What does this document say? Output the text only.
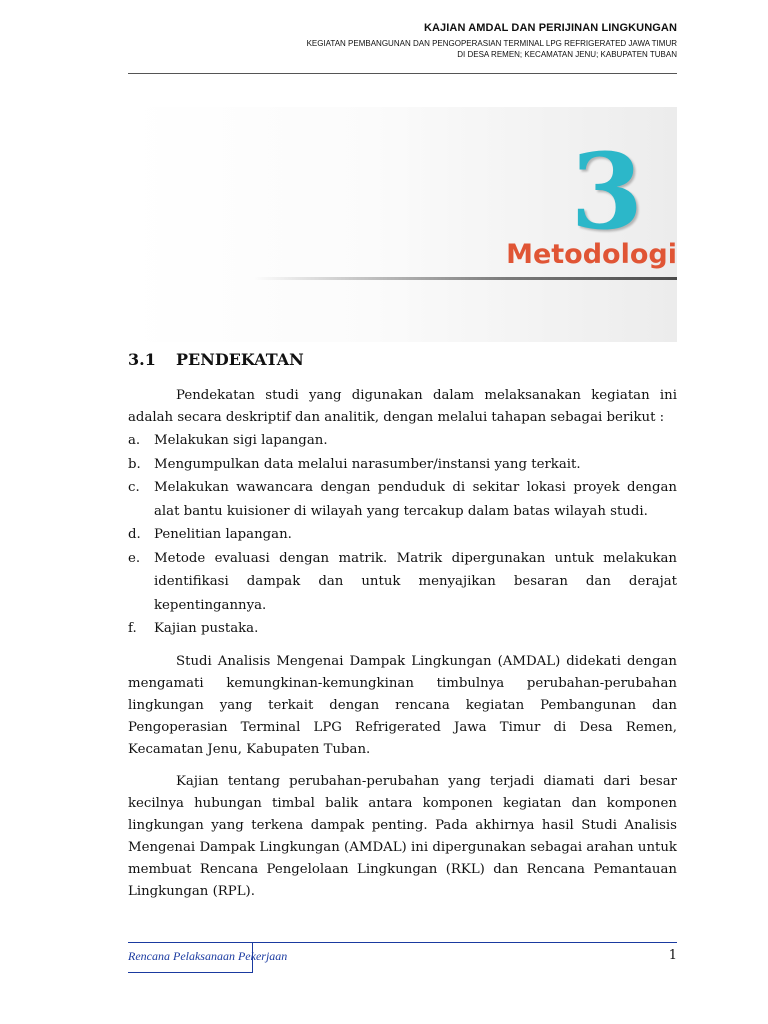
KAJIAN AMDAL DAN PERIJINAN LINGKUNGAN
KEGIATAN PEMBANGUNAN DAN PENGOPERASIAN TERMINAL LPG REFRIGERATED JAWA TIMUR
DI DESA REMEN; KECAMATAN JENU; KABUPATEN TUBAN
3
Metodologi
3.1 PENDEKATAN

Pendekatan studi yang digunakan dalam melaksanakan kegiatan ini adalah secara deskriptif dan analitik, dengan melalui tahapan sebagai berikut :

a. Melakukan sigi lapangan.
b. Mengumpulkan data melalui narasumber/instansi yang terkait.
c. Melakukan wawancara dengan penduduk di sekitar lokasi proyek dengan alat bantu kuisioner di wilayah yang tercakup dalam batas wilayah studi.
d. Penelitian lapangan.
e. Metode evaluasi dengan matrik. Matrik dipergunakan untuk melakukan identifikasi dampak dan untuk menyajikan besaran dan derajat kepentingannya.
f. Kajian pustaka.

Studi Analisis Mengenai Dampak Lingkungan (AMDAL) didekati dengan mengamati kemungkinan-kemungkinan timbulnya perubahan-perubahan lingkungan yang terkait dengan rencana kegiatan Pembangunan dan Pengoperasian Terminal LPG Refrigerated Jawa Timur di Desa Remen, Kecamatan Jenu, Kabupaten Tuban.

Kajian tentang perubahan-perubahan yang terjadi diamati dari besar kecilnya hubungan timbal balik antara komponen kegiatan dan komponen lingkungan yang terkena dampak penting. Pada akhirnya hasil Studi Analisis Mengenai Dampak Lingkungan (AMDAL) ini dipergunakan sebagai arahan untuk membuat Rencana Pengelolaan Lingkungan (RKL) dan Rencana Pemantauan Lingkungan (RPL).

Rencana Pelaksanaan Pekerjaan	1
